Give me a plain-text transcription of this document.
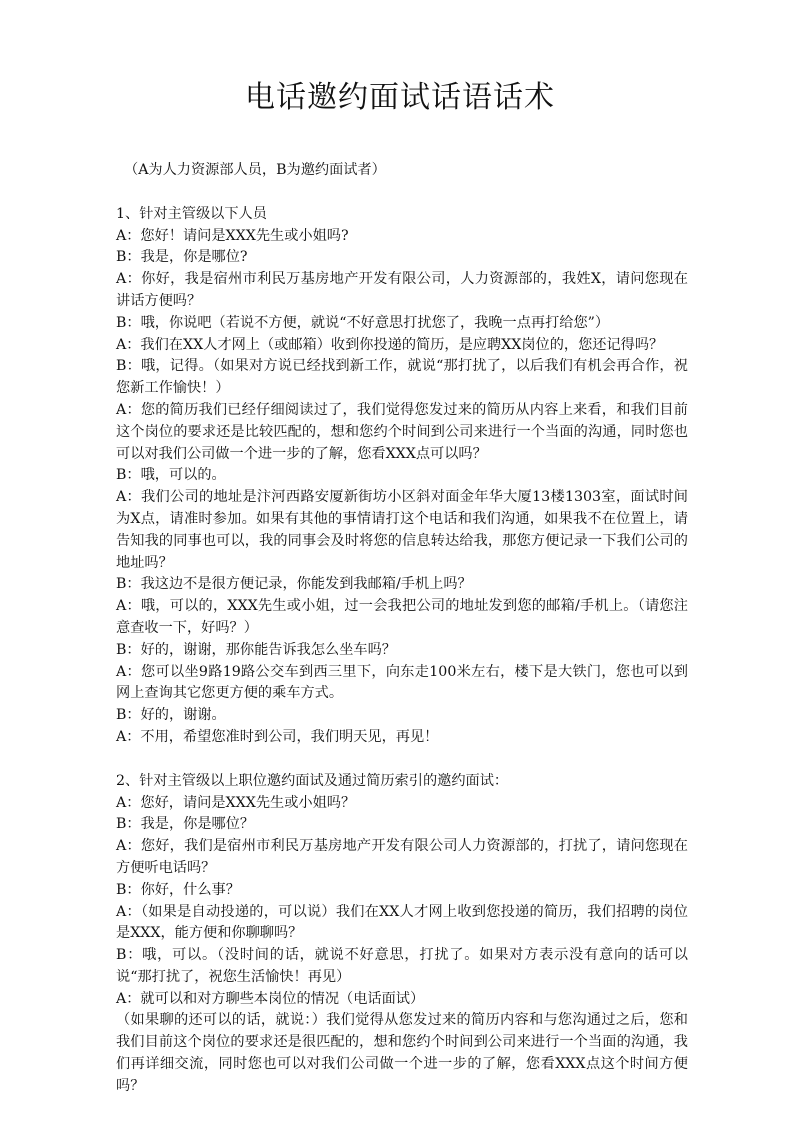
电话邀约面试话语话术

（A为人力资源部人员，B为邀约面试者）

1、针对主管级以下人员

A：您好！请问是XXX先生或小姐吗?

B：我是，你是哪位?

A：你好，我是宿州市利民万基房地产开发有限公司，人力资源部的，我姓X，请问您现在讲话方便吗？

B：哦，你说吧（若说不方便，就说“不好意思打扰您了，我晚一点再打给您”）

A：我们在XX人才网上（或邮箱）收到你投递的简历，是应聘XX岗位的，您还记得吗？

B：哦，记得。（如果对方说已经找到新工作，就说“那打扰了，以后我们有机会再合作，祝您新工作愉快！）

A：您的简历我们已经仔细阅读过了，我们觉得您发过来的简历从内容上来看，和我们目前这个岗位的要求还是比较匹配的，想和您约个时间到公司来进行一个当面的沟通，同时您也可以对我们公司做一个进一步的了解，您看XXX点可以吗？

B：哦，可以的。

A：我们公司的地址是汴河西路安厦新街坊小区斜对面金年华大厦13楼1303室，面试时间为X点，请准时参加。如果有其他的事情请打这个电话和我们沟通，如果我不在位置上，请告知我的同事也可以，我的同事会及时将您的信息转达给我，那您方便记录一下我们公司的地址吗？

B：我这边不是很方便记录，你能发到我邮箱/手机上吗？

A：哦，可以的，XXX先生或小姐，过一会我把公司的地址发到您的邮箱/手机上。（请您注意查收一下，好吗？）

B：好的，谢谢，那你能告诉我怎么坐车吗？

A：您可以坐9路19路公交车到西三里下，向东走100米左右，楼下是大铁门，您也可以到网上查询其它您更方便的乘车方式。

B：好的，谢谢。

A：不用，希望您准时到公司，我们明天见，再见！

2、针对主管级以上职位邀约面试及通过简历索引的邀约面试：

A：您好，请问是XXX先生或小姐吗？

B：我是，你是哪位？

A：您好，我们是宿州市利民万基房地产开发有限公司人力资源部的，打扰了，请问您现在方便听电话吗？

B：你好，什么事？

A：（如果是自动投递的，可以说）我们在XX人才网上收到您投递的简历，我们招聘的岗位是XXX，能方便和你聊聊吗？

B：哦，可以。（没时间的话，就说不好意思，打扰了。如果对方表示没有意向的话可以说“那打扰了，祝您生活愉快！再见）

A：就可以和对方聊些本岗位的情况（电话面试）

（如果聊的还可以的话，就说：）我们觉得从您发过来的简历内容和与您沟通过之后，您和我们目前这个岗位的要求还是很匹配的，想和您约个时间到公司来进行一个当面的沟通，我们再详细交流，同时您也可以对我们公司做一个进一步的了解，您看XXX点这个时间方便吗？
